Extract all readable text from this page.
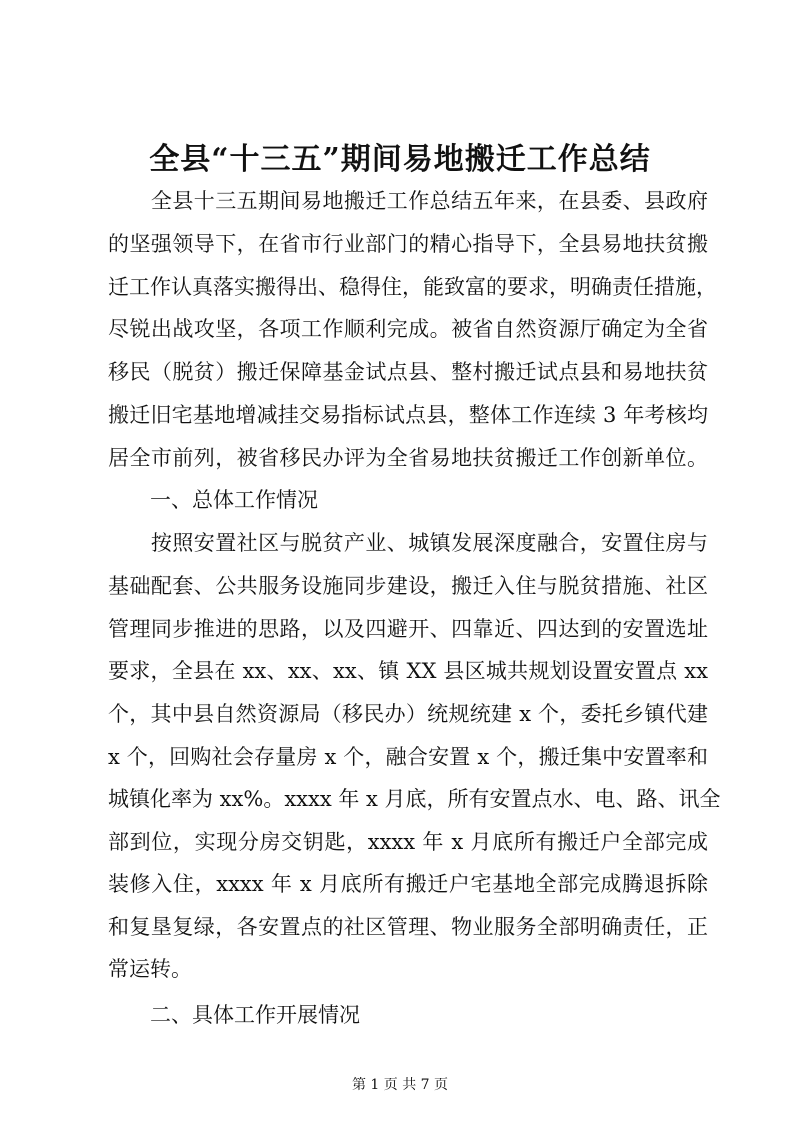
全县“十三五”期间易地搬迁工作总结

　　全县十三五期间易地搬迁工作总结五年来，在县委、县政府

的坚强领导下，在省市行业部门的精心指导下，全县易地扶贫搬

迁工作认真落实搬得出、稳得住，能致富的要求，明确责任措施，

尽锐出战攻坚，各项工作顺利完成。被省自然资源厅确定为全省

移民（脱贫）搬迁保障基金试点县、整村搬迁试点县和易地扶贫

搬迁旧宅基地增减挂交易指标试点县，整体工作连续 3 年考核均

居全市前列，被省移民办评为全省易地扶贫搬迁工作创新单位。

　　一、总体工作情况

　　按照安置社区与脱贫产业、城镇发展深度融合，安置住房与

基础配套、公共服务设施同步建设，搬迁入住与脱贫措施、社区

管理同步推进的思路，以及四避开、四靠近、四达到的安置选址

要求，全县在 xx、xx、xx、镇 XX 县区城共规划设置安置点 xx

个，其中县自然资源局（移民办）统规统建 x 个，委托乡镇代建

x 个，回购社会存量房 x 个，融合安置 x 个，搬迁集中安置率和

城镇化率为 xx%。xxxx 年 x 月底，所有安置点水、电、路、讯全

部到位，实现分房交钥匙，xxxx 年 x 月底所有搬迁户全部完成

装修入住，xxxx 年 x 月底所有搬迁户宅基地全部完成腾退拆除

和复垦复绿，各安置点的社区管理、物业服务全部明确责任，正

常运转。

　　二、具体工作开展情况

第 1 页 共 7 页
